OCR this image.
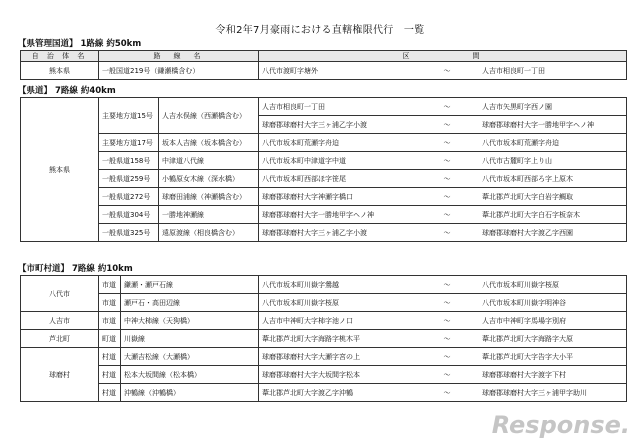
令和2年7月豪雨における直轄権限代行　一覧
【県管理国道】 1路線 約50km
自 治 体 名	路　線　名	区　　　　　　間
熊本県	一般国道219号（鎌瀬橋含む）	八代市渡町字塘外 ～ 人吉市相良町一丁田
【県道】 7路線 約40km
熊本県	主要地方道15号	人吉水俣線（西瀬橋含む）	人吉市相良町一丁田 ～ 人吉市矢黒町字西ノ園
			球磨郡球磨村大字三ヶ浦乙字小渡 ～ 球磨郡球磨村大字一勝地甲字ヘノ神
	主要地方道17号	坂本人吉線（坂本橋含む）	八代市坂本町荒瀬字舟迫 ～ 八代市坂本町荒瀬字舟迫
	一般県道158号	中津道八代線	八代市坂本町中津道字中道 ～ 八代市古麓町字上り山
	一般県道259号	小鶴原女木線（深水橋）	八代市坂本町西部ほ字笹尾 ～ 八代市坂本町西部ろ字上原木
	一般県道272号	球磨田浦線（神瀬橋含む）	球磨郡球磨村大字神瀬字橋口 ～ 葦北郡芦北町大字白岩字鯛取
	一般県道304号	一勝地神瀬線	球磨郡球磨村大字一勝地甲字ヘノ神 ～ 葦北郡芦北町大字白石字板奈木
	一般県道325号	遠原渡線（相良橋含む）	球磨郡球磨村大字三ヶ浦乙字小渡 ～ 球磨郡球磨村大字渡乙字西園
【市町村道】 7路線 約10km
八代市	市道	鎌瀬・瀬戸石線	八代市坂本町川嶽字鶯越 ～ 八代市坂本町川嶽字桜原
	市道	瀬戸石・高田辺線	八代市坂本町川嶽字桜原 ～ 八代市坂本町川嶽字明神谷
人吉市	市道	中神大柿線（天狗橋）	人吉市中神町大字柿字池ノ口 ～ 人吉市中神町字馬場字別府
芦北町	町道	川嶽線	葦北郡芦北町大字海路字桃木平 ～ 葦北郡芦北町大字海路字大原
球磨村	村道	大瀬吉松線（大瀬橋）	球磨郡球磨村大字大瀬字宮の上 ～ 葦北郡芦北町大字告字大小平
	村道	松本大坂間線（松本橋）	球磨郡球磨村大字大坂間字松本 ～ 球磨郡球磨村大字渡字下村
	村道	沖鶴線（沖鶴橋）	葦北郡芦北町大字渡乙字沖鶴 ～ 球磨郡球磨村大字三ヶ浦甲字助川
Response.
